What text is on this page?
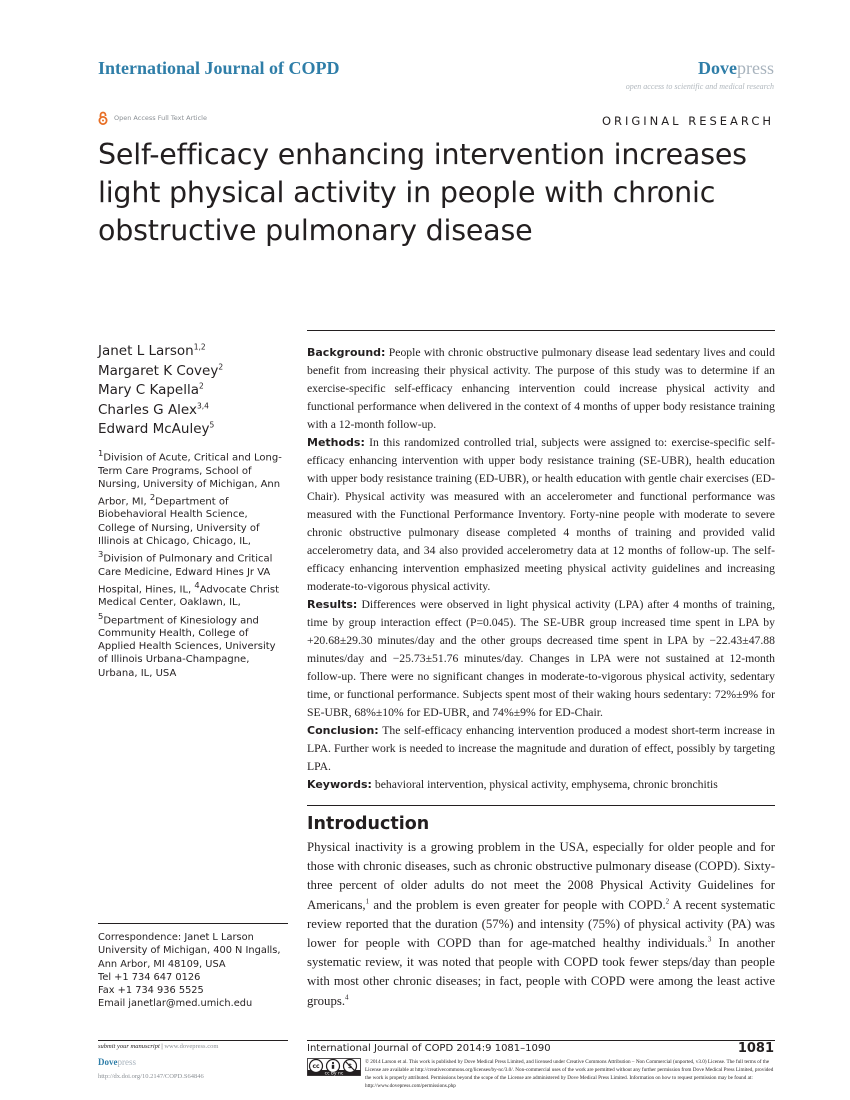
International Journal of COPD	Dovepress
open access to scientific and medical research
Open Access Full Text Article	ORIGINAL RESEARCH
Self-efficacy enhancing intervention increases light physical activity in people with chronic obstructive pulmonary disease
Janet L Larson$^{1,2}$
Margaret K Covey$^2$
Mary C Kapella$^2$
Charles G Alex$^{3,4}$
Edward McAuley$^5$
$^1$Division of Acute, Critical and Long-Term Care Programs, School of Nursing, University of Michigan, Ann Arbor, MI, $^2$Department of Biobehavioral Health Science, College of Nursing, University of Illinois at Chicago, Chicago, IL, $^3$Division of Pulmonary and Critical Care Medicine, Edward Hines Jr VA Hospital, Hines, IL, $^4$Advocate Christ Medical Center, Oaklawn, IL, $^5$Department of Kinesiology and Community Health, College of Applied Health Sciences, University of Illinois Urbana-Champagne, Urbana, IL, USA
Correspondence: Janet L Larson
University of Michigan, 400 N Ingalls,
Ann Arbor, MI 48109, USA
Tel +1 734 647 0126
Fax +1 734 936 5525
Email janetlar@med.umich.edu

Background: People with chronic obstructive pulmonary disease lead sedentary lives and could benefit from increasing their physical activity. The purpose of this study was to determine if an exercise-specific self-efficacy enhancing intervention could increase physical activity and functional performance when delivered in the context of 4 months of upper body resistance training with a 12-month follow-up.

Methods: In this randomized controlled trial, subjects were assigned to: exercise-specific self-efficacy enhancing intervention with upper body resistance training (SE-UBR), health education with upper body resistance training (ED-UBR), or health education with gentle chair exercises (ED-Chair). Physical activity was measured with an accelerometer and functional performance was measured with the Functional Performance Inventory. Forty-nine people with moderate to severe chronic obstructive pulmonary disease completed 4 months of training and provided valid accelerometry data, and 34 also provided accelerometry data at 12 months of follow-up. The self-efficacy enhancing intervention emphasized meeting physical activity guidelines and increasing moderate-to-vigorous physical activity.

Results: Differences were observed in light physical activity (LPA) after 4 months of training, time by group interaction effect (P=0.045). The SE-UBR group increased time spent in LPA by +20.68±29.30 minutes/day and the other groups decreased time spent in LPA by −22.43±47.88 minutes/day and −25.73±51.76 minutes/day. Changes in LPA were not sustained at 12-month follow-up. There were no significant changes in moderate-to-vigorous physical activity, sedentary time, or functional performance. Subjects spent most of their waking hours sedentary: 72%±9% for SE-UBR, 68%±10% for ED-UBR, and 74%±9% for ED-Chair.

Conclusion: The self-efficacy enhancing intervention produced a modest short-term increase in LPA. Further work is needed to increase the magnitude and duration of effect, possibly by targeting LPA.

Keywords: behavioral intervention, physical activity, emphysema, chronic bronchitis

Introduction

Physical inactivity is a growing problem in the USA, especially for older people and for those with chronic diseases, such as chronic obstructive pulmonary disease (COPD). Sixty-three percent of older adults do not meet the 2008 Physical Activity Guidelines for Americans,$^1$ and the problem is even greater for people with COPD.$^2$ A recent systematic review reported that the duration (57%) and intensity (75%) of physical activity (PA) was lower for people with COPD than for age-matched healthy individuals.$^3$ In another systematic review, it was noted that people with COPD took fewer steps/day than people with most other chronic diseases; in fact, people with COPD were among the least active groups.$^4$

submit your manuscript | www.dovepress.com
Dovepress
http://dx.doi.org/10.2147/COPD.S64846
International Journal of COPD 2014:9 1081–1090	1081
cc by nc
cc	$
© 2014 Larson et al. This work is published by Dove Medical Press Limited, and licensed under Creative Commons Attribution – Non Commercial (unported, v3.0) License. The full terms of the License are available at http://creativecommons.org/licenses/by-nc/3.0/. Non-commercial uses of the work are permitted without any further permission from Dove Medical Press Limited, provided the work is properly attributed. Permissions beyond the scope of the License are administered by Dove Medical Press Limited. Information on how to request permission may be found at: http://www.dovepress.com/permissions.php
